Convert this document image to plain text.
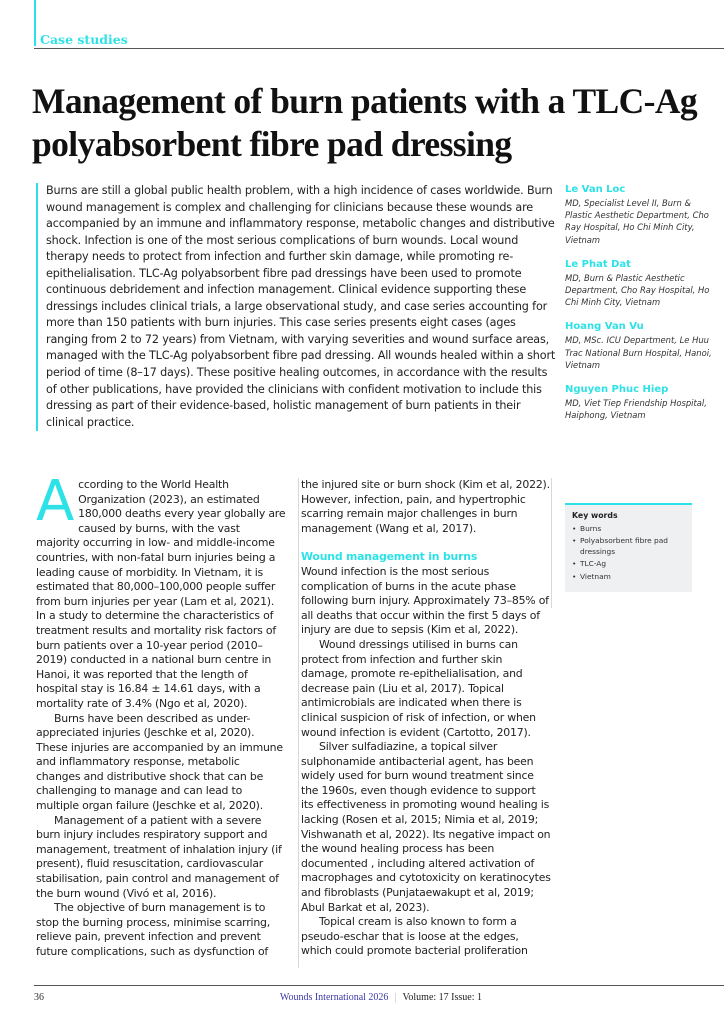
Case studies
Management of burn patients with a TLC-Ag polyabsorbent fibre pad dressing
Burns are still a global public health problem, with a high incidence of cases worldwide. Burn wound management is complex and challenging for clinicians because these wounds are accompanied by an immune and inflammatory response, metabolic changes and distributive shock. Infection is one of the most serious complications of burn wounds. Local wound therapy needs to protect from infection and further skin damage, while promoting re-epithelialisation. TLC-Ag polyabsorbent fibre pad dressings have been used to promote continuous debridement and infection management. Clinical evidence supporting these dressings includes clinical trials, a large observational study, and case series accounting for more than 150 patients with burn injuries. This case series presents eight cases (ages ranging from 2 to 72 years) from Vietnam, with varying severities and wound surface areas, managed with the TLC-Ag polyabsorbent fibre pad dressing. All wounds healed within a short period of time (8–17 days). These positive healing outcomes, in accordance with the results of other publications, have provided the clinicians with confident motivation to include this dressing as part of their evidence-based, holistic management of burn patients in their clinical practice.
Le Van Loc
MD, Specialist Level II, Burn & Plastic Aesthetic Department, Cho Ray Hospital, Ho Chi Minh City, Vietnam
Le Phat Dat
MD, Burn & Plastic Aesthetic Department, Cho Ray Hospital, Ho Chi Minh City, Vietnam
Hoang Van Vu
MD, MSc. ICU Department, Le Huu Trac National Burn Hospital, Hanoi, Vietnam
Nguyen Phuc Hiep
MD, Viet Tiep Friendship Hospital, Haiphong, Vietnam
Key words
• Burns
• Polyabsorbent fibre pad dressings
• TLC-Ag
• Vietnam

According to the World Health Organization (2023), an estimated 180,000 deaths every year globally are caused by burns, with the vast majority occurring in low- and middle-income countries, with non-fatal burn injuries being a leading cause of morbidity. In Vietnam, it is estimated that 80,000–100,000 people suffer from burn injuries per year (Lam et al, 2021). In a study to determine the characteristics of treatment results and mortality risk factors of burn patients over a 10-year period (2010–2019) conducted in a national burn centre in Hanoi, it was reported that the length of hospital stay is 16.84 ± 14.61 days, with a mortality rate of 3.4% (Ngo et al, 2020).

Burns have been described as under-appreciated injuries (Jeschke et al, 2020). These injuries are accompanied by an immune and inflammatory response, metabolic changes and distributive shock that can be challenging to manage and can lead to multiple organ failure (Jeschke et al, 2020).

Management of a patient with a severe burn injury includes respiratory support and management, treatment of inhalation injury (if present), fluid resuscitation, cardiovascular stabilisation, pain control and management of the burn wound (Vivó et al, 2016).

The objective of burn management is to stop the burning process, minimise scarring, relieve pain, prevent infection and prevent future complications, such as dysfunction of

the injured site or burn shock (Kim et al, 2022). However, infection, pain, and hypertrophic scarring remain major challenges in burn management (Wang et al, 2017).

Wound management in burns

Wound infection is the most serious complication of burns in the acute phase following burn injury. Approximately 73–85% of all deaths that occur within the first 5 days of injury are due to sepsis (Kim et al, 2022).

Wound dressings utilised in burns can protect from infection and further skin damage, promote re-epithelialisation, and decrease pain (Liu et al, 2017). Topical antimicrobials are indicated when there is clinical suspicion of risk of infection, or when wound infection is evident (Cartotto, 2017).

Silver sulfadiazine, a topical silver sulphonamide antibacterial agent, has been widely used for burn wound treatment since the 1960s, even though evidence to support its effectiveness in promoting wound healing is lacking (Rosen et al, 2015; Nimia et al, 2019; Vishwanath et al, 2022). Its negative impact on the wound healing process has been documented , including altered activation of macrophages and cytotoxicity on keratinocytes and fibroblasts (Punjataewakupt et al, 2019; Abul Barkat et al, 2023).

Topical cream is also known to form a pseudo-eschar that is loose at the edges, which could promote bacterial proliferation

36	Wounds International 2026 | Volume: 17 Issue: 1
